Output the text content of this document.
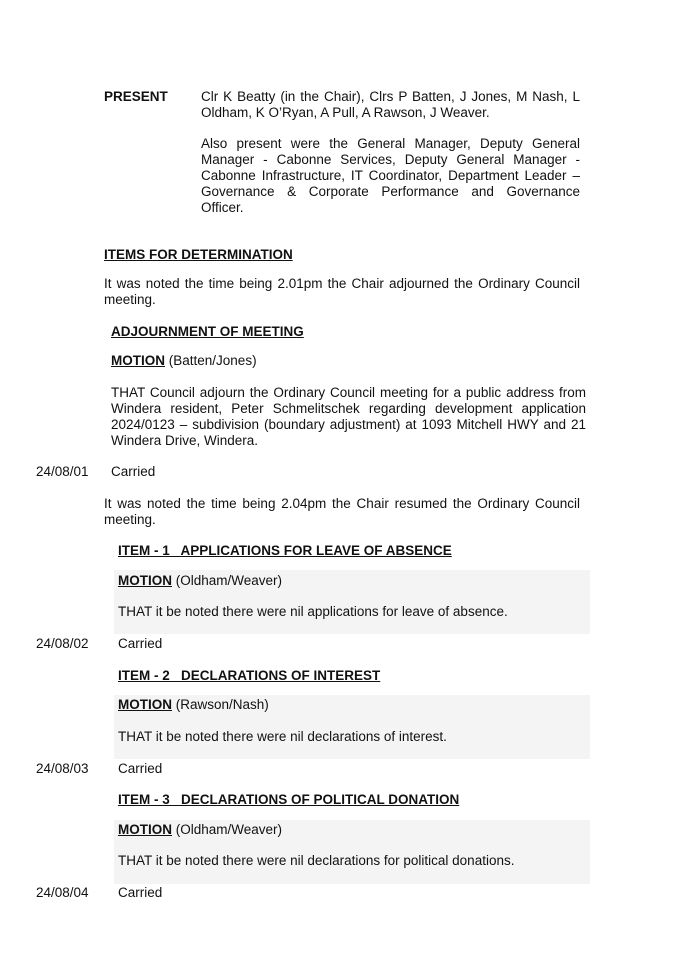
PRESENT Clr K Beatty (in the Chair), Clrs P Batten, J Jones, M Nash, L Oldham, K O’Ryan, A Pull, A Rawson, J Weaver.

Also present were the General Manager, Deputy General Manager - Cabonne Services, Deputy General Manager - Cabonne Infrastructure, IT Coordinator, Department Leader – Governance & Corporate Performance and Governance Officer.

ITEMS FOR DETERMINATION

It was noted the time being 2.01pm the Chair adjourned the Ordinary Council meeting.

ADJOURNMENT OF MEETING
MOTION (Batten/Jones)

THAT Council adjourn the Ordinary Council meeting for a public address from Windera resident, Peter Schmelitschek regarding development application 2024/0123 – subdivision (boundary adjustment) at 1093 Mitchell HWY and 21 Windera Drive, Windera.

24/08/01 Carried

It was noted the time being 2.04pm the Chair resumed the Ordinary Council meeting.

ITEM - 1   APPLICATIONS FOR LEAVE OF ABSENCE
MOTION (Oldham/Weaver)

THAT it be noted there were nil applications for leave of absence.

24/08/02 Carried
ITEM - 2   DECLARATIONS OF INTEREST
MOTION (Rawson/Nash)

THAT it be noted there were nil declarations of interest.

24/08/03 Carried
ITEM - 3   DECLARATIONS OF POLITICAL DONATION
MOTION (Oldham/Weaver)

THAT it be noted there were nil declarations for political donations.

24/08/04 Carried
